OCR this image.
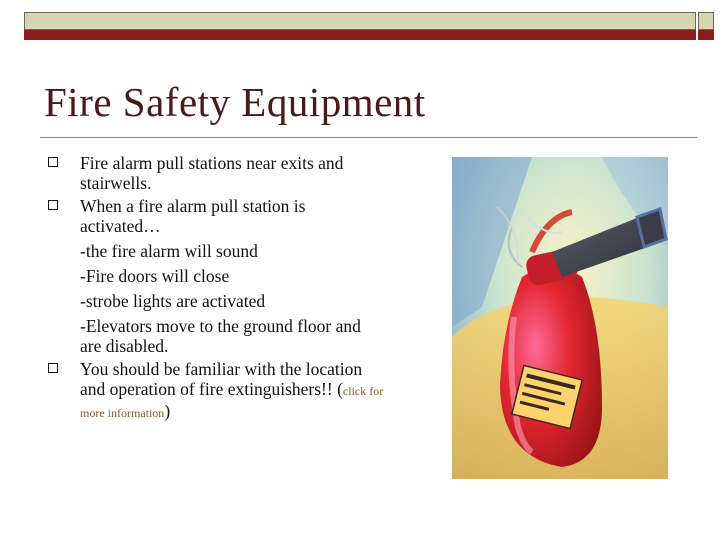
Fire Safety Equipment
Fire alarm pull stations near exits and stairwells.
When a fire alarm pull station is activated…
-the fire alarm will sound
-Fire doors will close
-strobe lights are activated
-Elevators move to the ground floor and are disabled.
You should be familiar with the location and operation of fire extinguishers!! (click for more information)
